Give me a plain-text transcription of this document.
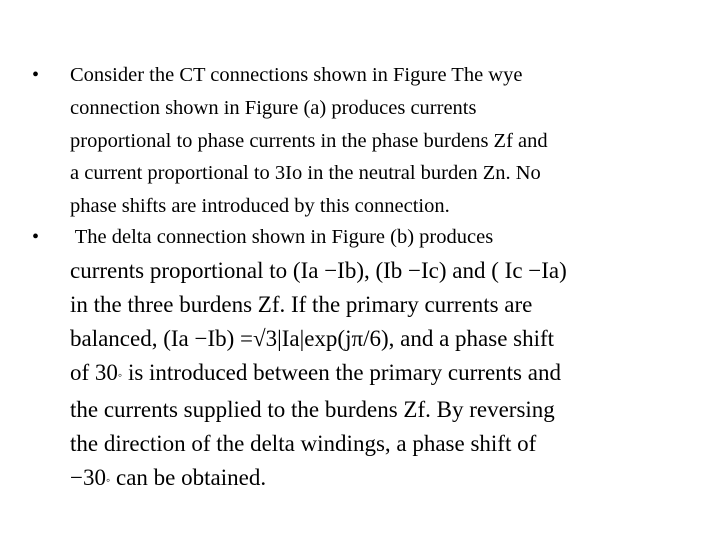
• Consider the CT connections shown in Figure The wye
connection shown in Figure (a) produces currents
proportional to phase currents in the phase burdens Zf and
a current proportional to 3Io in the neutral burden Zn. No
phase shifts are introduced by this connection.
• The delta connection shown in Figure (b) produces
currents proportional to (Ia −Ib), (Ib −Ic) and ( Ic −Ia)
in the three burdens Zf. If the primary currents are
balanced, (Ia −Ib) =√3|Ia|exp(jπ/6), and a phase shift
of 30◦ is introduced between the primary currents and
the currents supplied to the burdens Zf. By reversing
the direction of the delta windings, a phase shift of
−30◦ can be obtained.
